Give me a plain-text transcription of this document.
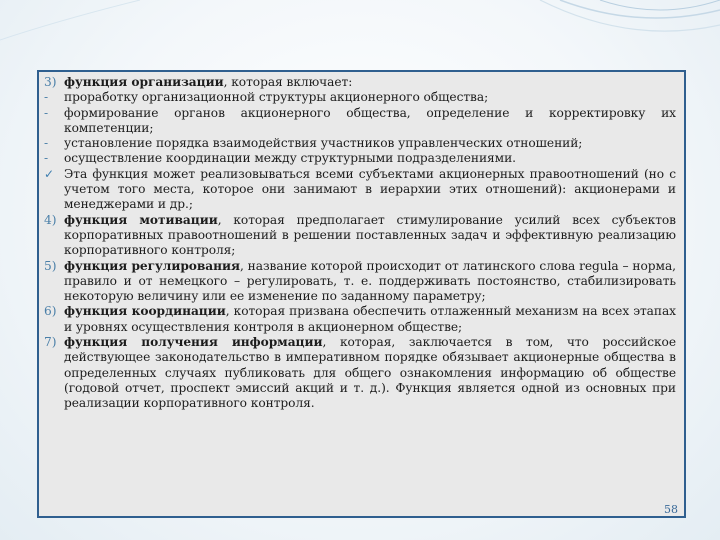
3) функция организации, которая включает:
-	проработку организационной структуры акционерного общества;
-	формирование органов акционерного общества, определение и корректировку их компетенции;
-	установление порядка взаимодействия участников управленческих отношений;
-	осуществление координации между структурными подразделениями.
✓ Эта функция может реализовываться всеми субъектами акционерных правоотношений (но с учетом того места, которое они занимают в иерархии этих отношений): акционерами и менеджерами и др.;
4) функция мотивации, которая предполагает стимулирование усилий всех субъектов корпоративных правоотношений в решении поставленных задач и эффективную реализацию корпоративного контроля;
5) функция регулирования, название которой происходит от латинского слова regula – норма, правило и от немецкого – регулировать, т. е. поддерживать постоянство, стабилизировать некоторую величину или ее изменение по заданному параметру;
6) функция координации, которая призвана обеспечить отлаженный механизм на всех этапах и уровнях осуществления контроля в акционерном обществе;
7) функция получения информации, которая, заключается в том, что российское действующее законодательство в императивном порядке обязывает акционерные общества в определенных случаях публиковать для общего ознакомления информацию об обществе (годовой отчет, проспект эмиссий акций и т. д.). Функция является одной из основных при реализации корпоративного контроля.
58
